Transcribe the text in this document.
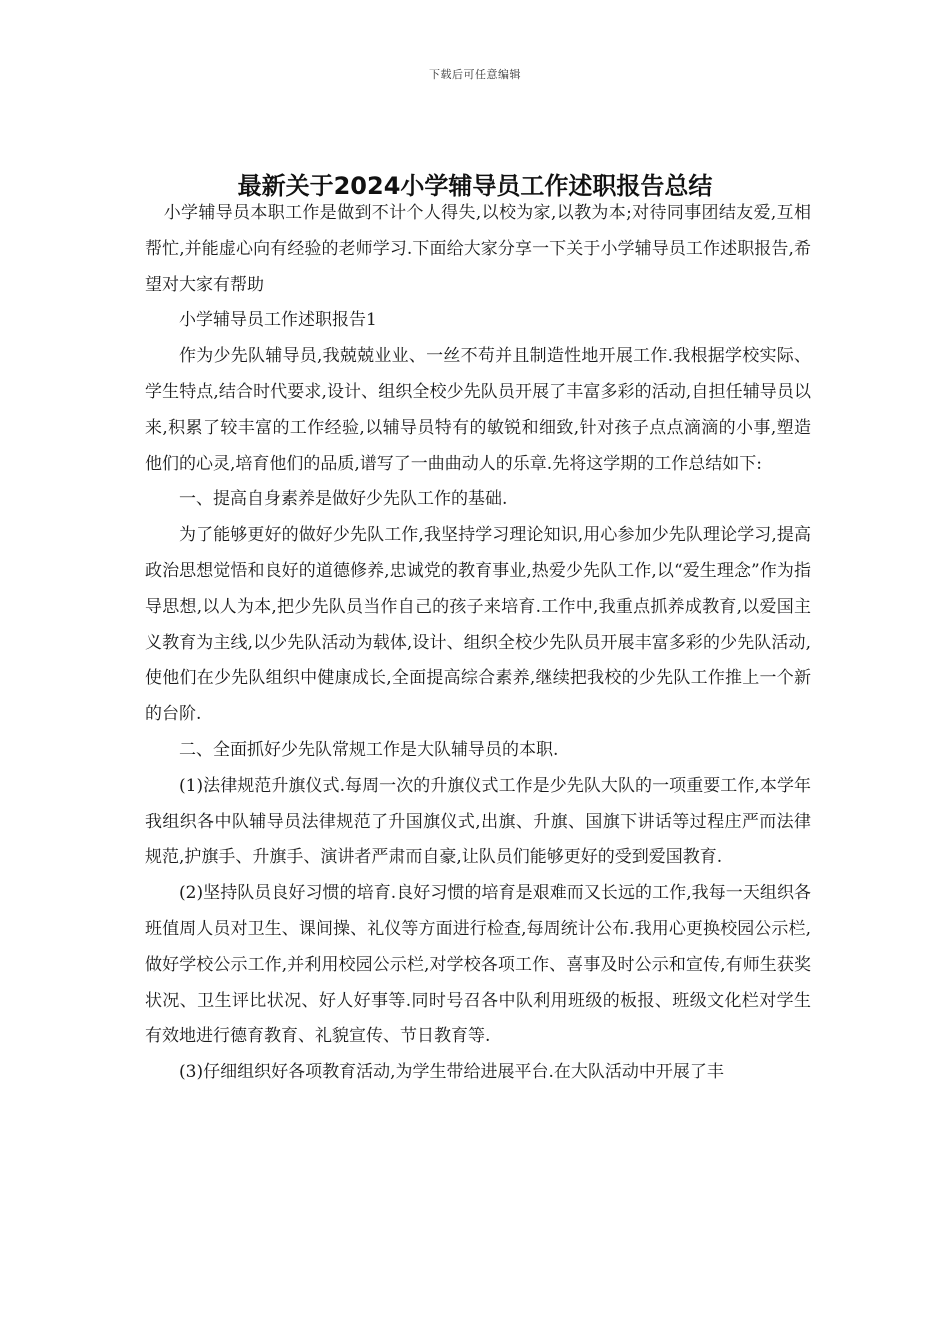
下载后可任意编辑
最新关于2024小学辅导员工作述职报告总结

小学辅导员本职工作是做到不计个人得失,以校为家,以教为本;对待同事团结友爱,互相帮忙,并能虚心向有经验的老师学习.下面给大家分享一下关于小学辅导员工作述职报告,希望对大家有帮助

小学辅导员工作述职报告1

作为少先队辅导员,我兢兢业业、一丝不苟并且制造性地开展工作.我根据学校实际、学生特点,结合时代要求,设计、组织全校少先队员开展了丰富多彩的活动,自担任辅导员以来,积累了较丰富的工作经验,以辅导员特有的敏锐和细致,针对孩子点点滴滴的小事,塑造他们的心灵,培育他们的品质,谱写了一曲曲动人的乐章.先将这学期的工作总结如下:

一、提高自身素养是做好少先队工作的基础.

为了能够更好的做好少先队工作,我坚持学习理论知识,用心参加少先队理论学习,提高政治思想觉悟和良好的道德修养,忠诚党的教育事业,热爱少先队工作,以“爱生理念”作为指导思想,以人为本,把少先队员当作自己的孩子来培育.工作中,我重点抓养成教育,以爱国主义教育为主线,以少先队活动为载体,设计、组织全校少先队员开展丰富多彩的少先队活动,使他们在少先队组织中健康成长,全面提高综合素养,继续把我校的少先队工作推上一个新的台阶.

二、全面抓好少先队常规工作是大队辅导员的本职.

(1)法律规范升旗仪式.每周一次的升旗仪式工作是少先队大队的一项重要工作,本学年我组织各中队辅导员法律规范了升国旗仪式,出旗、升旗、国旗下讲话等过程庄严而法律规范,护旗手、升旗手、演讲者严肃而自豪,让队员们能够更好的受到爱国教育.

(2)坚持队员良好习惯的培育.良好习惯的培育是艰难而又长远的工作,我每一天组织各班值周人员对卫生、课间操、礼仪等方面进行检查,每周统计公布.我用心更换校园公示栏,做好学校公示工作,并利用校园公示栏,对学校各项工作、喜事及时公示和宣传,有师生获奖状况、卫生评比状况、好人好事等.同时号召各中队利用班级的板报、班级文化栏对学生有效地进行德育教育、礼貌宣传、节日教育等.

(3)仔细组织好各项教育活动,为学生带给进展平台.在大队活动中开展了丰
